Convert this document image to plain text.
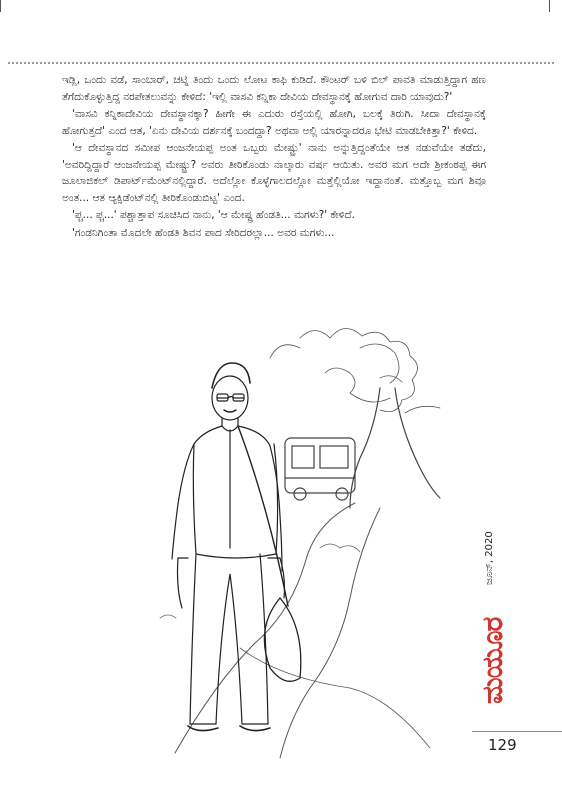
ಇಡ್ಲಿ, ಒಂದು ವಡೆ, ಸಾಂಬಾರ್, ಚಟ್ನಿ ತಿಂದು ಒಂದು ಲೋಟ ಕಾಫಿ ಕುಡಿದೆ. ಕೌಂಟರ್ ಬಳಿ ಬಿಲ್ ಪಾವತಿ ಮಾಡುತ್ತಿದ್ದಾಗ ಹಣ ತೆಗೆದುಕೊಳ್ಳುತ್ತಿದ್ದ ನರಪೇತಲುವನ್ನು ಕೇಳಿದೆ: 'ಇಲ್ಲಿ ವಾಸವಿ ಕನ್ನಿಕಾ ದೇವಿಯ ದೇವಸ್ಥಾನಕ್ಕೆ ಹೋಗುವ ದಾರಿ ಯಾವುದು?'

'ವಾಸವಿ ಕನ್ನಿಕಾದೇವಿಯ ದೇವಸ್ಥಾನಕ್ಕಾ? ಹೀಗೇ ಈ ಎದುರು ರಸ್ತೆಯಲ್ಲಿ ಹೋಗಿ, ಬಲಕ್ಕೆ ತಿರುಗಿ. ಸೀದಾ ದೇವಸ್ಥಾನಕ್ಕೆ ಹೋಗುತ್ತದೆ' ಎಂದ ಆತ, 'ಏನು ದೇವಿಯ ದರ್ಶನಕ್ಕೆ ಬಂದದ್ದಾ? ಅಥವಾ ಅಲ್ಲಿ ಯಾರನ್ನಾದರೂ ಭೇಟಿ ಮಾಡಬೇಕಿತ್ತಾ?' ಕೇಳಿದ.

'ಆ ದೇವಸ್ಥಾನದ ಸಮೀಪ ಆಂಜನೇಯಪ್ಪ ಅಂತ ಒಬ್ಬರು ಮೇಷ್ಟ್ರು' ನಾನು ಅನ್ನುತ್ತಿದ್ದಂತೆಯೇ ಆತ ನಡುವೆಯೇ ತಡೆದು, 'ಅವರಿದ್ದಿದ್ದಾರೆ ಆಂಜನೇಯಪ್ಪ ಮೇಷ್ಟ್ರು? ಅವರು ತೀರಿಕೊಂಡು ನಾಲ್ಕಾರು ವರ್ಷ ಆಯಿತು. ಅವರ ಮಗ ಅದೇ ಶ್ರೀಕಂಠಪ್ಪ ಈಗ ಜೂಲಾಜಿಕಲ್ ಡಿಪಾರ್ಟ್‌ಮೆಂಟ್‌ನಲ್ಲಿದ್ದಾರೆ. ಅದೆಲ್ಲೋ ಕೊಳ್ಳೆಗಾಲದಲ್ಲೋ ಮತ್ತೆಲ್ಲಿಯೋ ಇದ್ದಾನಂತೆ. ಮತ್ತೊಬ್ಬ ಮಗ ಶಿವೂ ಅಂತ... ಆತ ಆ್ಯಕ್ಸಿಡೆಂಟ್‌ನಲ್ಲಿ ತೀರಿಕೊಂಡುಬಿಟ್ಟ' ಎಂದ.

'ಪ್ಚ... ಪ್ಚ...' ಪಶ್ಚಾತ್ತಾಪ ಸೂಚಿಸಿದ ನಾನು, 'ಆ ಮೇಷ್ಟ್ರ ಹೆಂಡತಿ... ಮಗಳು?' ಕೇಳಿದೆ.

'ಗಂಡನಿಗಿಂತಾ ಮೊದಲೇ ಹೆಂಡತಿ ಶಿವನ ಪಾದ ಸೇರಿದರಲ್ಲಾ... ಅವರ ಮಗಳು...

ಜೂನ್, 2020
ಮಯೂರ
129
